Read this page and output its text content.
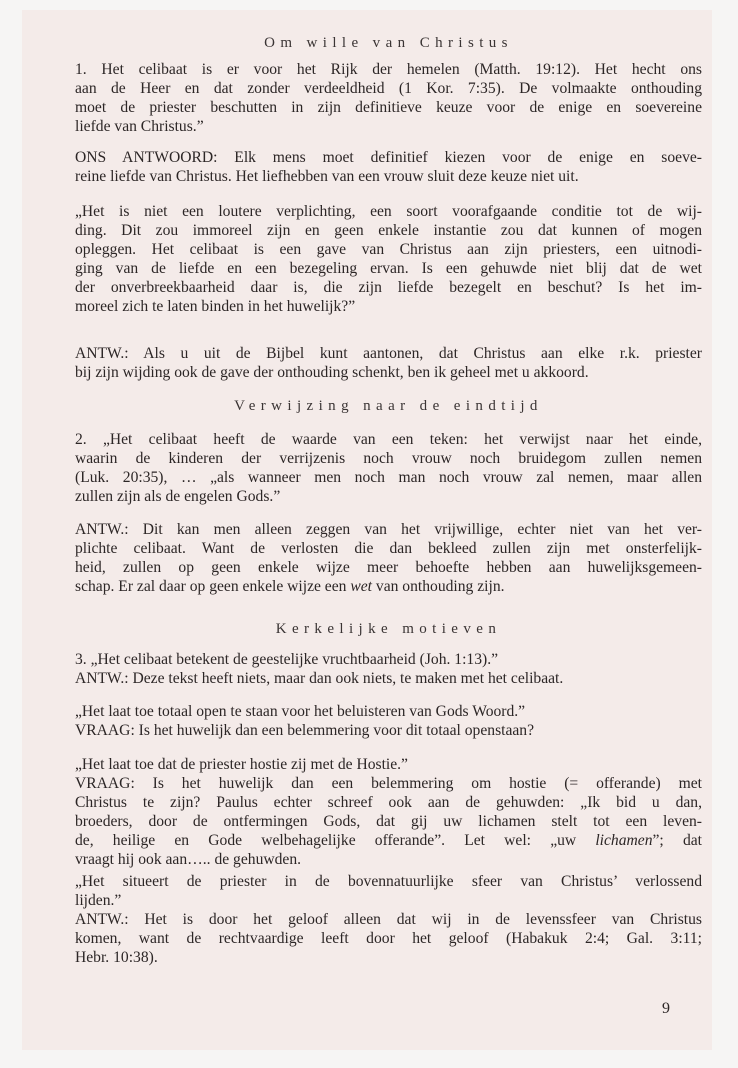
Om wille van Christus
Verwijzing naar de eindtijd
Kerkelijke motieven
1. Het celibaat is er voor het Rijk der hemelen (Matth. 19:12). Het hecht ons
aan de Heer en dat zonder verdeeldheid (1 Kor. 7:35). De volmaakte onthouding
moet de priester beschutten in zijn definitieve keuze voor de enige en soevereine
liefde van Christus.”
ONS ANTWOORD: Elk mens moet definitief kiezen voor de enige en soeve-
reine liefde van Christus. Het liefhebben van een vrouw sluit deze keuze niet uit.
„Het is niet een loutere verplichting, een soort voorafgaande conditie tot de wij-
ding. Dit zou immoreel zijn en geen enkele instantie zou dat kunnen of mogen
opleggen. Het celibaat is een gave van Christus aan zijn priesters, een uitnodi-
ging van de liefde en een bezegeling ervan. Is een gehuwde niet blij dat de wet
der onverbreekbaarheid daar is, die zijn liefde bezegelt en beschut? Is het im-
moreel zich te laten binden in het huwelijk?”
ANTW.: Als u uit de Bijbel kunt aantonen, dat Christus aan elke r.k. priester
bij zijn wijding ook de gave der onthouding schenkt, ben ik geheel met u akkoord.
2. „Het celibaat heeft de waarde van een teken: het verwijst naar het einde,
waarin de kinderen der verrijzenis noch vrouw noch bruidegom zullen nemen
(Luk. 20:35), … „als wanneer men noch man noch vrouw zal nemen, maar allen
zullen zijn als de engelen Gods.”
ANTW.: Dit kan men alleen zeggen van het vrijwillige, echter niet van het ver-
plichte celibaat. Want de verlosten die dan bekleed zullen zijn met onsterfelijk-
heid, zullen op geen enkele wijze meer behoefte hebben aan huwelijksgemeen-
schap. Er zal daar op geen enkele wijze een wet van onthouding zijn.
3. „Het celibaat betekent de geestelijke vruchtbaarheid (Joh. 1:13).”
ANTW.: Deze tekst heeft niets, maar dan ook niets, te maken met het celibaat.
„Het laat toe totaal open te staan voor het beluisteren van Gods Woord.”
VRAAG: Is het huwelijk dan een belemmering voor dit totaal openstaan?
„Het laat toe dat de priester hostie zij met de Hostie.”
VRAAG: Is het huwelijk dan een belemmering om hostie (= offerande) met
Christus te zijn? Paulus echter schreef ook aan de gehuwden: „Ik bid u dan,
broeders, door de ontfermingen Gods, dat gij uw lichamen stelt tot een leven-
de, heilige en Gode welbehagelijke offerande”. Let wel: „uw lichamen”; dat
vraagt hij ook aan….. de gehuwden.
„Het situeert de priester in de bovennatuurlijke sfeer van Christus’ verlossend
lijden.”
ANTW.: Het is door het geloof alleen dat wij in de levenssfeer van Christus
komen, want de rechtvaardige leeft door het geloof (Habakuk 2:4; Gal. 3:11;
Hebr. 10:38).
9
